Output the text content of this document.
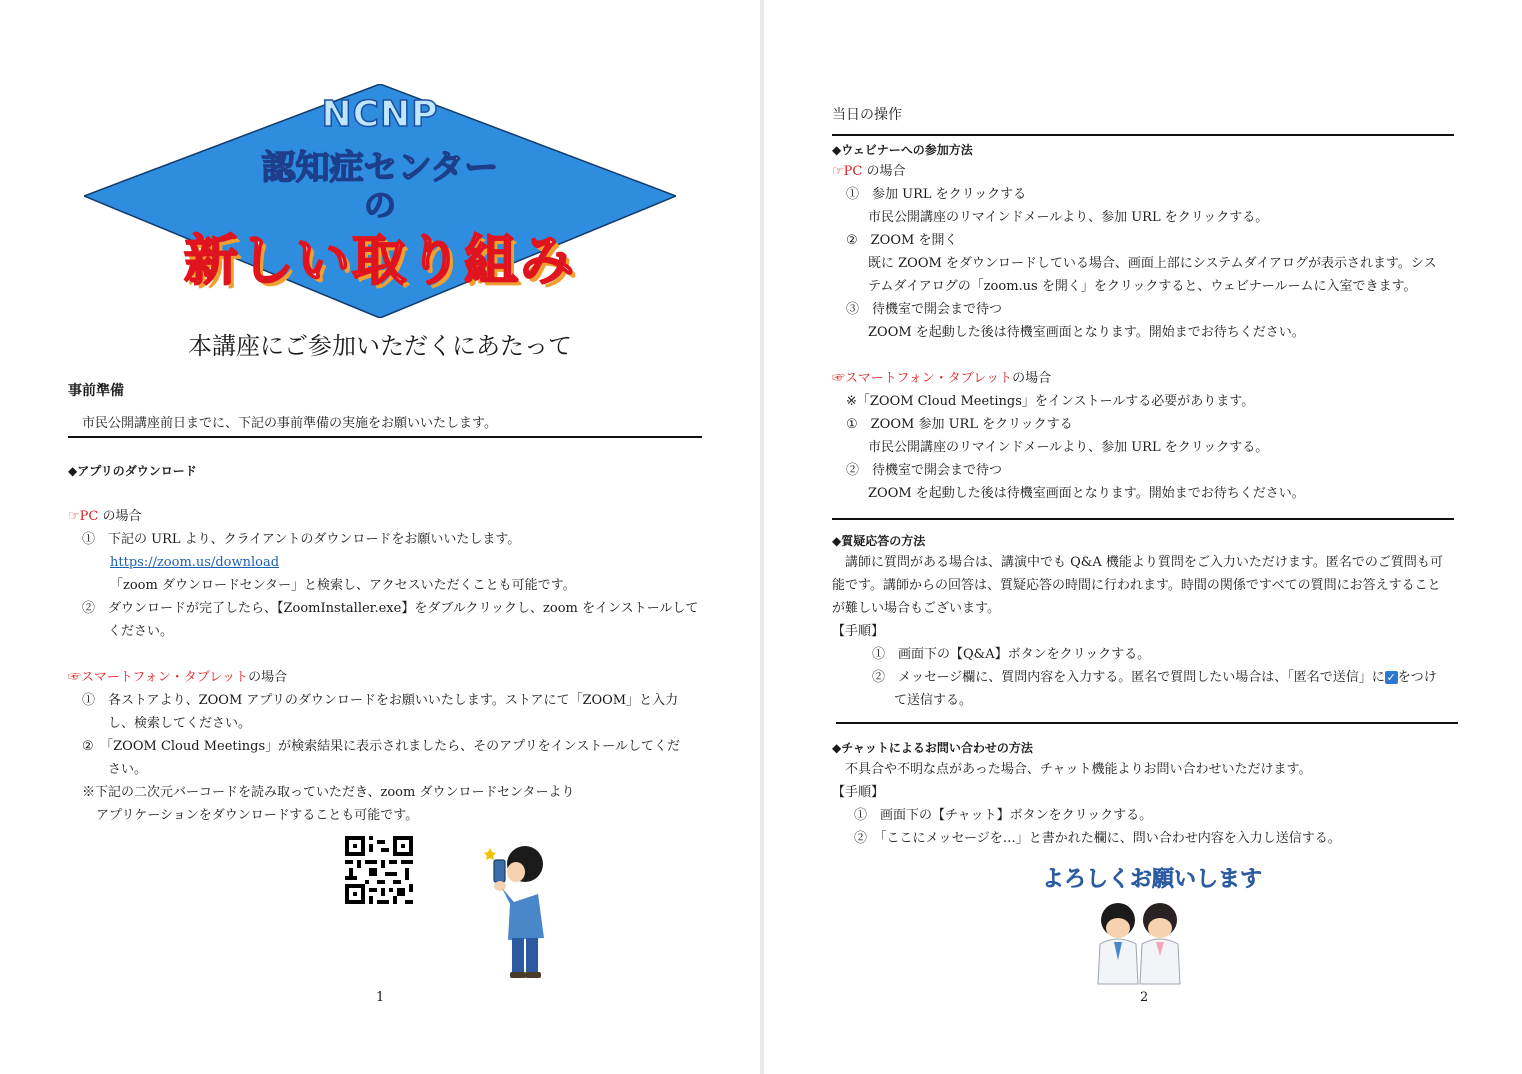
NCNP
認知症センター
の
新しい取り組み
本講座にご参加いただくにあたって
事前準備
市民公開講座前日までに、下記の事前準備の実施をお願いいたします。
◆アプリのダウンロード
☞PC の場合
①　下記の URL より、クライアントのダウンロードをお願いいたします。
https://zoom.us/download
「zoom ダウンロードセンター」と検索し、アクセスいただくことも可能です。
②　ダウンロードが完了したら、【ZoomInstaller.exe】をダブルクリックし、zoom をインストールして
ください。
☞スマートフォン・タブレットの場合
①　各ストアより、ZOOM アプリのダウンロードをお願いいたします。ストアにて「ZOOM」と入力
し、検索してください。
②　「ZOOM Cloud Meetings」が検索結果に表示されましたら、そのアプリをインストールしてくだ
さい。
※下記の二次元バーコードを読み取っていただき、zoom ダウンロードセンターより
アプリケーションをダウンロードすることも可能です。
1
当日の操作
◆ウェビナーへの参加方法
☞PC の場合
①　参加 URL をクリックする
市民公開講座のリマインドメールより、参加 URL をクリックする。
②　ZOOM を開く
既に ZOOM をダウンロードしている場合、画面上部にシステムダイアログが表示されます。シス
テムダイアログの「zoom.us を開く」をクリックすると、ウェビナールームに入室できます。
③　待機室で開会まで待つ
ZOOM を起動した後は待機室画面となります。開始までお待ちください。
☞スマートフォン・タブレットの場合
※「ZOOM Cloud Meetings」をインストールする必要があります。
①　ZOOM 参加 URL をクリックする
市民公開講座のリマインドメールより、参加 URL をクリックする。
②　待機室で開会まで待つ
ZOOM を起動した後は待機室画面となります。開始までお待ちください。
◆質疑応答の方法
　講師に質問がある場合は、講演中でも Q&A 機能より質問をご入力いただけます。匿名でのご質問も可
能です。講師からの回答は、質疑応答の時間に行われます。時間の関係ですべての質問にお答えすること
が難しい場合もございます。
【手順】
①　画面下の【Q&A】ボタンをクリックする。
②　メッセージ欄に、質問内容を入力する。匿名で質問したい場合は、「匿名で送信」に ✓ をつけ
て送信する。
◆チャットによるお問い合わせの方法
　不具合や不明な点があった場合、チャット機能よりお問い合わせいただけます。
【手順】
①　画面下の【チャット】ボタンをクリックする。
②　「ここにメッセージを…」と書かれた欄に、問い合わせ内容を入力し送信する。
よろしくお願いします
2
